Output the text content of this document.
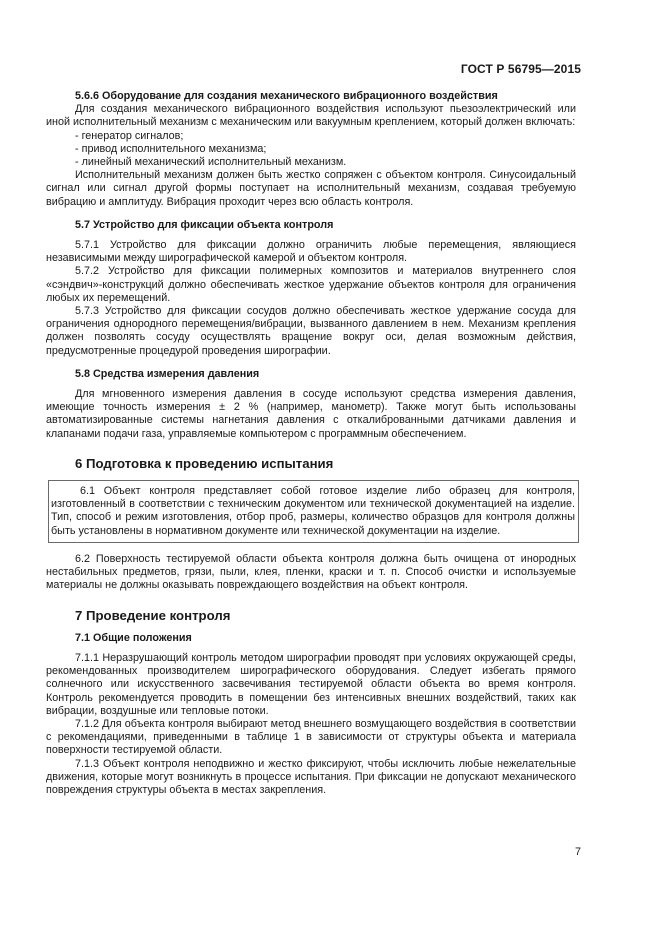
ГОСТ Р 56795—2015

5.6.6 Оборудование для создания механического вибрационного воздействия

Для создания механического вибрационного воздействия используют пьезоэлектрический или иной исполнительный механизм с механическим или вакуумным креплением, который должен включать:

- генератор сигналов;

- привод исполнительного механизма;

- линейный механический исполнительный механизм.

Исполнительный механизм должен быть жестко сопряжен с объектом контроля. Синусоидальный сигнал или сигнал другой формы поступает на исполнительный механизм, создавая требуемую вибрацию и амплитуду. Вибрация проходит через всю область контроля.

5.7 Устройство для фиксации объекта контроля

5.7.1 Устройство для фиксации должно ограничить любые перемещения, являющиеся независимыми между ширографической камерой и объектом контроля.

5.7.2 Устройство для фиксации полимерных композитов и материалов внутреннего слоя «сэндвич»-конструкций должно обеспечивать жесткое удержание объектов контроля для ограничения любых их перемещений.

5.7.3 Устройство для фиксации сосудов должно обеспечивать жесткое удержание сосуда для ограничения однородного перемещения/вибрации, вызванного давлением в нем. Механизм крепления должен позволять сосуду осуществлять вращение вокруг оси, делая возможным действия, предусмотренные процедурой проведения ширографии.

5.8 Средства измерения давления

Для мгновенного измерения давления в сосуде используют средства измерения давления, имеющие точность измерения ± 2 % (например, манометр). Также могут быть использованы автоматизированные системы нагнетания давления с откалиброванными датчиками давления и клапанами подачи газа, управляемые компьютером с программным обеспечением.

6 Подготовка к проведению испытания

6.1 Объект контроля представляет собой готовое изделие либо образец для контроля, изготовленный в соответствии с техническим документом или технической документацией на изделие. Тип, способ и режим изготовления, отбор проб, размеры, количество образцов для контроля должны быть установлены в нормативном документе или технической документации на изделие.

6.2 Поверхность тестируемой области объекта контроля должна быть очищена от инородных нестабильных предметов, грязи, пыли, клея, пленки, краски и т. п. Способ очистки и используемые материалы не должны оказывать повреждающего воздействия на объект контроля.

7 Проведение контроля

7.1 Общие положения

7.1.1 Неразрушающий контроль методом ширографии проводят при условиях окружающей среды, рекомендованных производителем ширографического оборудования. Следует избегать прямого солнечного или искусственного засвечивания тестируемой области объекта во время контроля. Контроль рекомендуется проводить в помещении без интенсивных внешних воздействий, таких как вибрации, воздушные или тепловые потоки.

7.1.2 Для объекта контроля выбирают метод внешнего возмущающего воздействия в соответствии с рекомендациями, приведенными в таблице 1 в зависимости от структуры объекта и материала поверхности тестируемой области.

7.1.3 Объект контроля неподвижно и жестко фиксируют, чтобы исключить любые нежелательные движения, которые могут возникнуть в процессе испытания. При фиксации не допускают механического повреждения структуры объекта в местах закрепления.

7
